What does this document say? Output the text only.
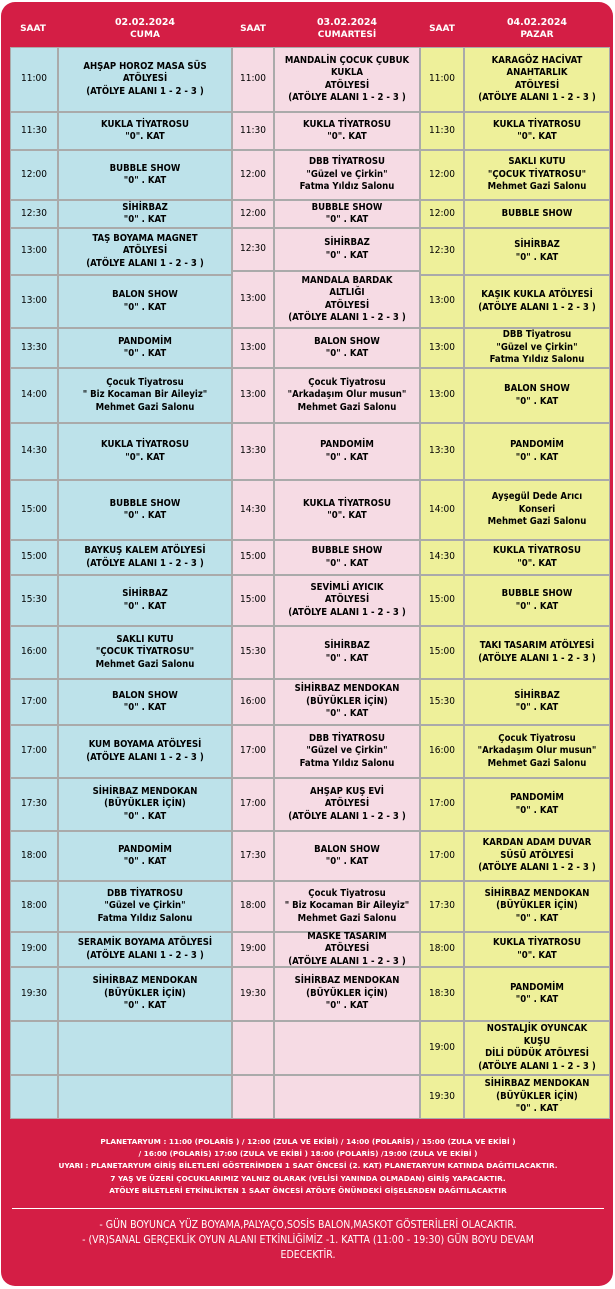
SAAT
02.02.2024
CUMA
SAAT
03.02.2024
CUMARTESİ
SAAT
04.02.2024
PAZAR
11:00
AHŞAP HOROZ MASA SÜS
ATÖLYESİ
(ATÖLYE ALANI 1 - 2 - 3 )
11:30
KUKLA TİYATROSU
"0". KAT
12:00
BUBBLE SHOW
"0" . KAT
12:30
SİHİRBAZ
"0" . KAT
13:00
TAŞ BOYAMA MAGNET
ATÖLYESİ
(ATÖLYE ALANI 1 - 2 - 3 )
13:00
BALON SHOW
"0" . KAT
13:30
PANDOMİM
"0" . KAT
14:00
Çocuk Tiyatrosu
" Biz Kocaman Bir Aileyiz"
Mehmet Gazi Salonu
14:30
KUKLA TİYATROSU
"0". KAT
15:00
BUBBLE SHOW
"0" . KAT
15:00
BAYKUŞ KALEM ATÖLYESİ
(ATÖLYE ALANI 1 - 2 - 3 )
15:30
SİHİRBAZ
"0" . KAT
16:00
SAKLI KUTU
"ÇOCUK TİYATROSU"
Mehmet Gazi Salonu
17:00
BALON SHOW
"0" . KAT
17:00
KUM BOYAMA ATÖLYESİ
(ATÖLYE ALANI 1 - 2 - 3 )
17:30
SİHİRBAZ MENDOKAN
(BÜYÜKLER İÇİN)
"0" . KAT
18:00
PANDOMİM
"0" . KAT
18:00
DBB TİYATROSU
"Güzel ve Çirkin"
Fatma Yıldız Salonu
19:00
SERAMİK BOYAMA ATÖLYESİ
(ATÖLYE ALANI 1 - 2 - 3 )
19:30
SİHİRBAZ MENDOKAN
(BÜYÜKLER İÇİN)
"0" . KAT
11:00
MANDALİN ÇOCUK ÇUBUK
KUKLA
ATÖLYESİ
(ATÖLYE ALANI 1 - 2 - 3 )
11:30
KUKLA TİYATROSU
"0". KAT
12:00
DBB TİYATROSU
"Güzel ve Çirkin"
Fatma Yıldız Salonu
12:00
BUBBLE SHOW
"0" . KAT
12:30
SİHİRBAZ
"0" . KAT
13:00
MANDALA BARDAK
ALTLIĞI
ATÖLYESİ
(ATÖLYE ALANI 1 - 2 - 3 )
13:00
BALON SHOW
"0" . KAT
13:00
Çocuk Tiyatrosu
"Arkadaşım Olur musun"
Mehmet Gazi Salonu
13:30
PANDOMİM
"0" . KAT
14:30
KUKLA TİYATROSU
"0". KAT
15:00
BUBBLE SHOW
"0" . KAT
15:00
SEVİMLİ AYICIK
ATÖLYESİ
(ATÖLYE ALANI 1 - 2 - 3 )
15:30
SİHİRBAZ
"0" . KAT
16:00
SİHİRBAZ MENDOKAN
(BÜYÜKLER İÇİN)
"0" . KAT
17:00
DBB TİYATROSU
"Güzel ve Çirkin"
Fatma Yıldız Salonu
17:00
AHŞAP KUŞ EVİ
ATÖLYESİ
(ATÖLYE ALANI 1 - 2 - 3 )
17:30
BALON SHOW
"0" . KAT
18:00
Çocuk Tiyatrosu
" Biz Kocaman Bir Aileyiz"
Mehmet Gazi Salonu
19:00
MASKE TASARIM
ATÖLYESİ
(ATÖLYE ALANI 1 - 2 - 3 )
19:30
SİHİRBAZ MENDOKAN
(BÜYÜKLER İÇİN)
"0" . KAT
11:00
KARAGÖZ HACİVAT
ANAHTARLIK
ATÖLYESİ
(ATÖLYE ALANI 1 - 2 - 3 )
11:30
KUKLA TİYATROSU
"0". KAT
12:00
SAKLI KUTU
"ÇOCUK TİYATROSU"
Mehmet Gazi Salonu
12:00	BUBBLE SHOW
12:30
SİHİRBAZ
"0" . KAT
13:00
KAŞIK KUKLA ATÖLYESİ
(ATÖLYE ALANI 1 - 2 - 3 )
13:00
DBB Tiyatrosu
"Güzel ve Çirkin"
Fatma Yıldız Salonu
13:00
BALON SHOW
"0" . KAT
13:30
PANDOMİM
"0" . KAT
14:00
Ayşegül Dede Arıcı
Konseri
Mehmet Gazi Salonu
14:30
KUKLA TİYATROSU
"0". KAT
15:00
BUBBLE SHOW
"0" . KAT
15:00
TAKI TASARIM ATÖLYESİ
(ATÖLYE ALANI 1 - 2 - 3 )
15:30
SİHİRBAZ
"0" . KAT
16:00
Çocuk Tiyatrosu
"Arkadaşım Olur musun"
Mehmet Gazi Salonu
17:00
PANDOMİM
"0" . KAT
17:00
KARDAN ADAM DUVAR
SÜSÜ ATÖLYESİ
(ATÖLYE ALANI 1 - 2 - 3 )
17:30
SİHİRBAZ MENDOKAN
(BÜYÜKLER İÇİN)
"0" . KAT
18:00
KUKLA TİYATROSU
"0". KAT
18:30
PANDOMİM
"0" . KAT
19:00
NOSTALJİK OYUNCAK
KUŞU
DİLİ DÜDÜK ATÖLYESİ
(ATÖLYE ALANI 1 - 2 - 3 )
19:30
SİHİRBAZ MENDOKAN
(BÜYÜKLER İÇİN)
"0" . KAT
PLANETARYUM : 11:00 (POLARİS ) / 12:00 (ZULA VE EKİBİ) / 14:00 (POLARİS) / 15:00 (ZULA VE EKİBİ )
/ 16:00 (POLARİS) 17:00 (ZULA VE EKİBİ ) 18:00 (POLARİS) /19:00 (ZULA VE EKİBİ )
UYARI : PLANETARYUM GİRİŞ BİLETLERİ GÖSTERİMDEN 1 SAAT ÖNCESİ (2. KAT) PLANETARYUM KATINDA DAĞITILACAKTIR.
7 YAŞ VE ÜZERİ ÇOCUKLARIMIZ YALNIZ OLARAK (VELİSİ YANINDA OLMADAN) GİRİŞ YAPACAKTIR.
ATÖLYE BİLETLERİ ETKİNLİKTEN 1 SAAT ÖNCESİ ATÖLYE ÖNÜNDEKİ GİŞELERDEN DAĞITILACAKTIR
- GÜN BOYUNCA YÜZ BOYAMA,PALYAÇO,SOSİS BALON,MASKOT GÖSTERİLERİ OLACAKTIR.
- (VR)SANAL GERÇEKLİK OYUN ALANI ETKİNLİĞİMİZ -1. KATTA (11:00 - 19:30) GÜN BOYU DEVAM
EDECEKTİR.
